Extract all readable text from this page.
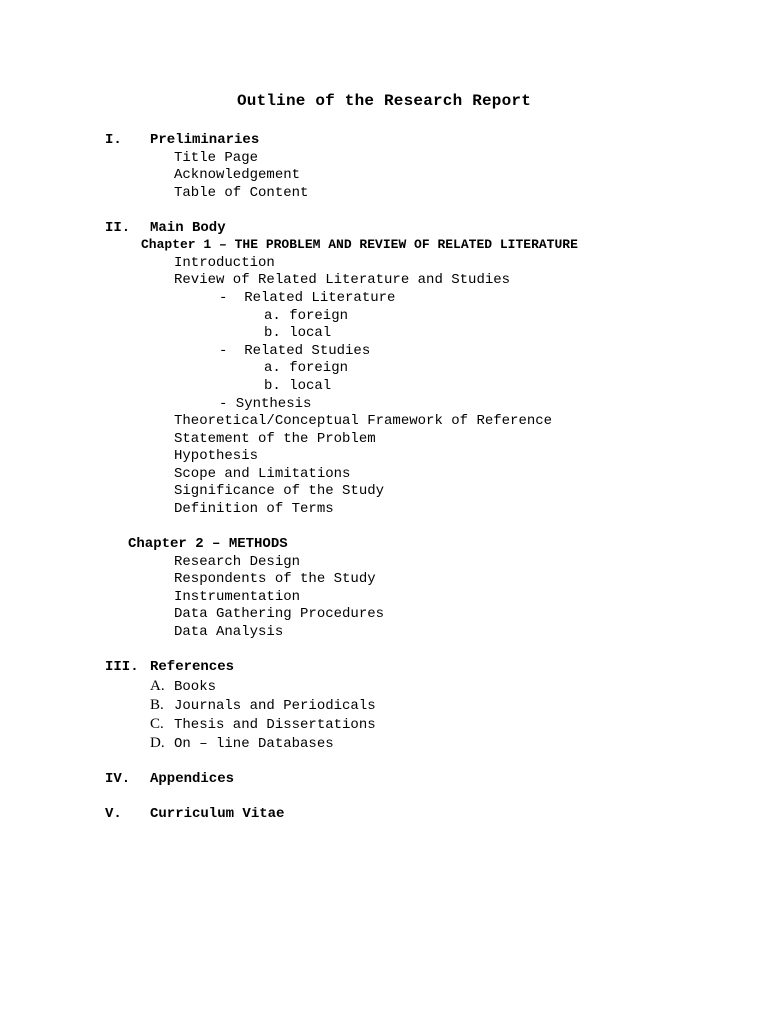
Outline of the Research Report
I. Preliminaries
Title Page
Acknowledgement
Table of Content
II. Main Body
Chapter 1 – THE PROBLEM AND REVIEW OF RELATED LITERATURE
Introduction
Review of Related Literature and Studies
-  Related Literature
a. foreign
b. local
-  Related Studies
a. foreign
b. local
- Synthesis
Theoretical/Conceptual Framework of Reference
Statement of the Problem
Hypothesis
Scope and Limitations
Significance of the Study
Definition of Terms
Chapter 2 – METHODS
Research Design
Respondents of the Study
Instrumentation
Data Gathering Procedures
Data Analysis
III. References
A. Books
B. Journals and Periodicals
C. Thesis and Dissertations
D. On – line Databases
IV. Appendices
V. Curriculum Vitae
